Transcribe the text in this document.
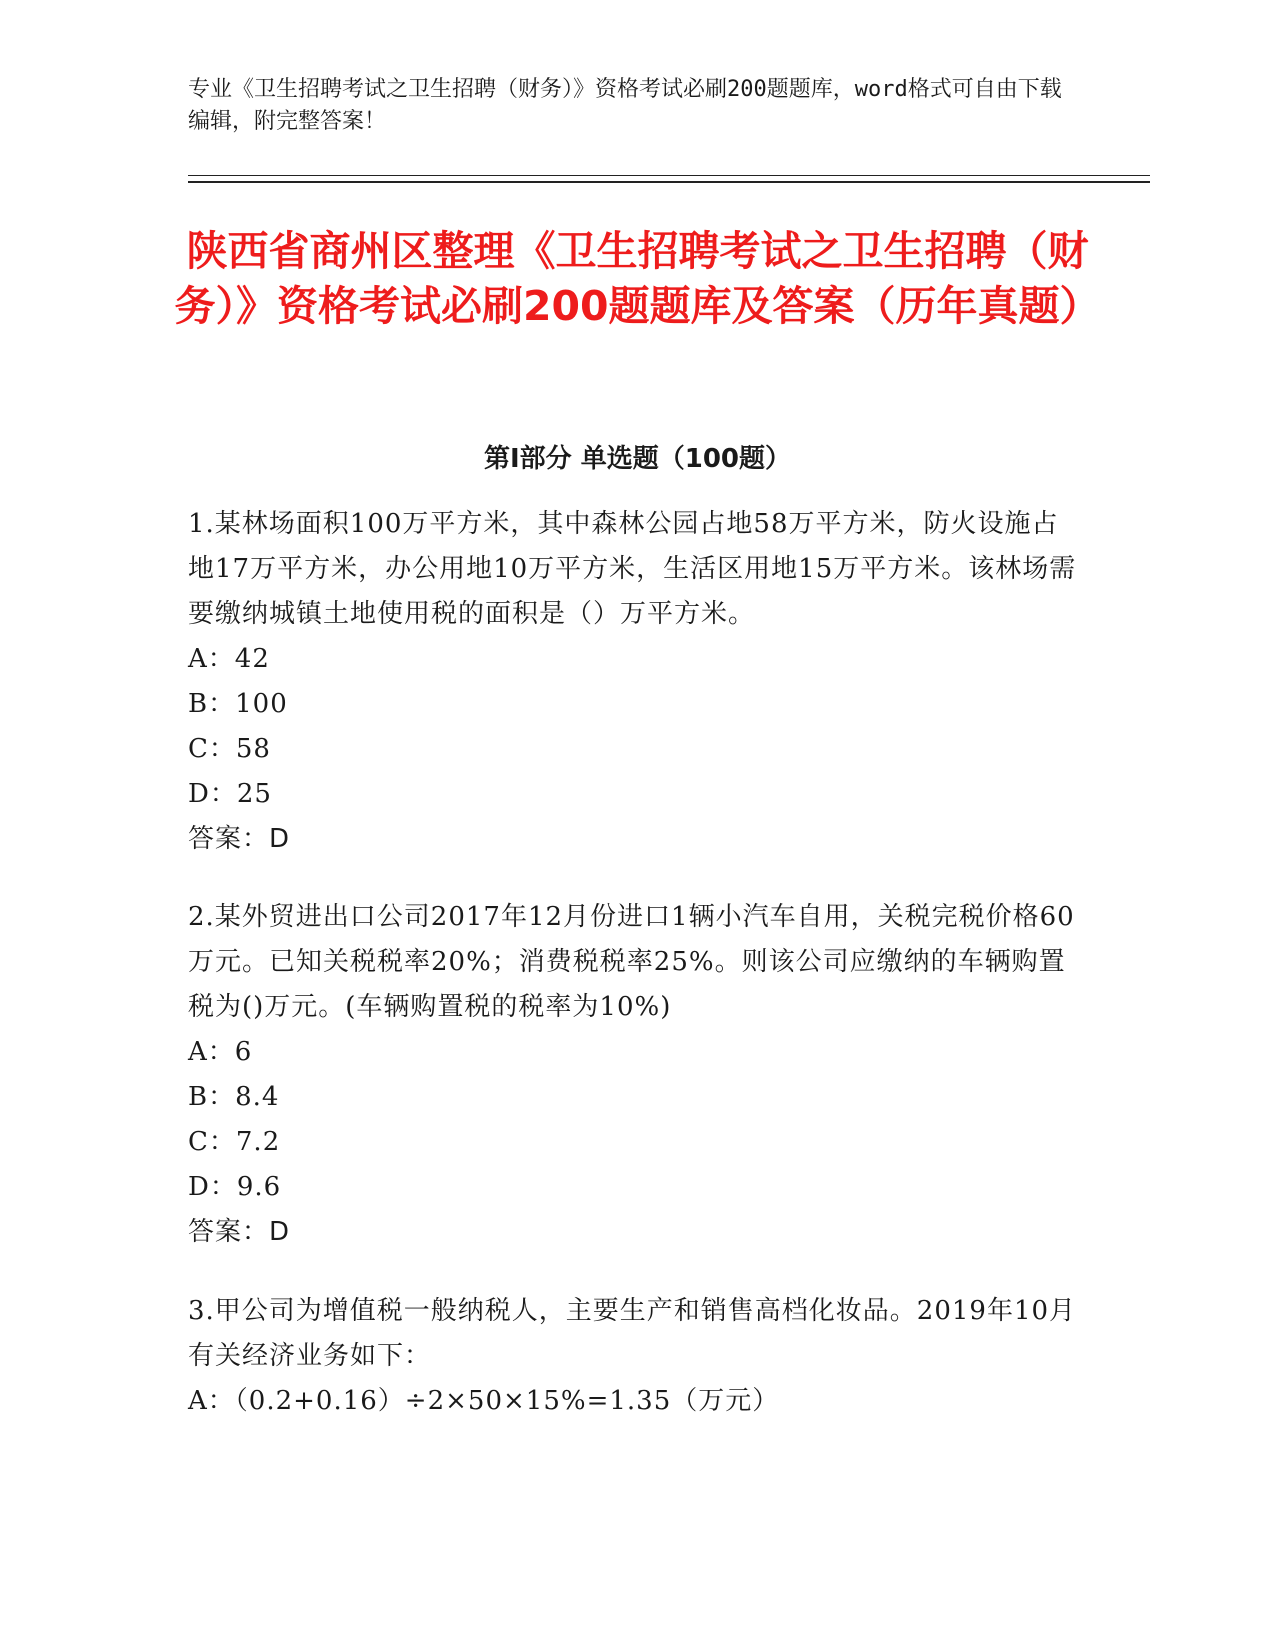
专业《卫生招聘考试之卫生招聘（财务）》资格考试必刷200题题库，word格式可自由下载编辑，附完整答案！
陕西省商州区整理《卫生招聘考试之卫生招聘（财务）》资格考试必刷200题题库及答案（历年真题）
第I部分 单选题（100题）

1.某林场面积100万平方米，其中森林公园占地58万平方米，防火设施占地17万平方米，办公用地10万平方米，生活区用地15万平方米。该林场需要缴纳城镇土地使用税的面积是（）万平方米。

A：42

B：100

C：58

D：25

答案：D

2.某外贸进出口公司2017年12月份进口1辆小汽车自用，关税完税价格60万元。已知关税税率20%；消费税税率25%。则该公司应缴纳的车辆购置税为()万元。(车辆购置税的税率为10%)

A：6

B：8.4

C：7.2

D：9.6

答案：D

3.甲公司为增值税一般纳税人，主要生产和销售高档化妆品。2019年10月有关经济业务如下：

A：（0.2+0.16）÷2×50×15%=1.35（万元）
